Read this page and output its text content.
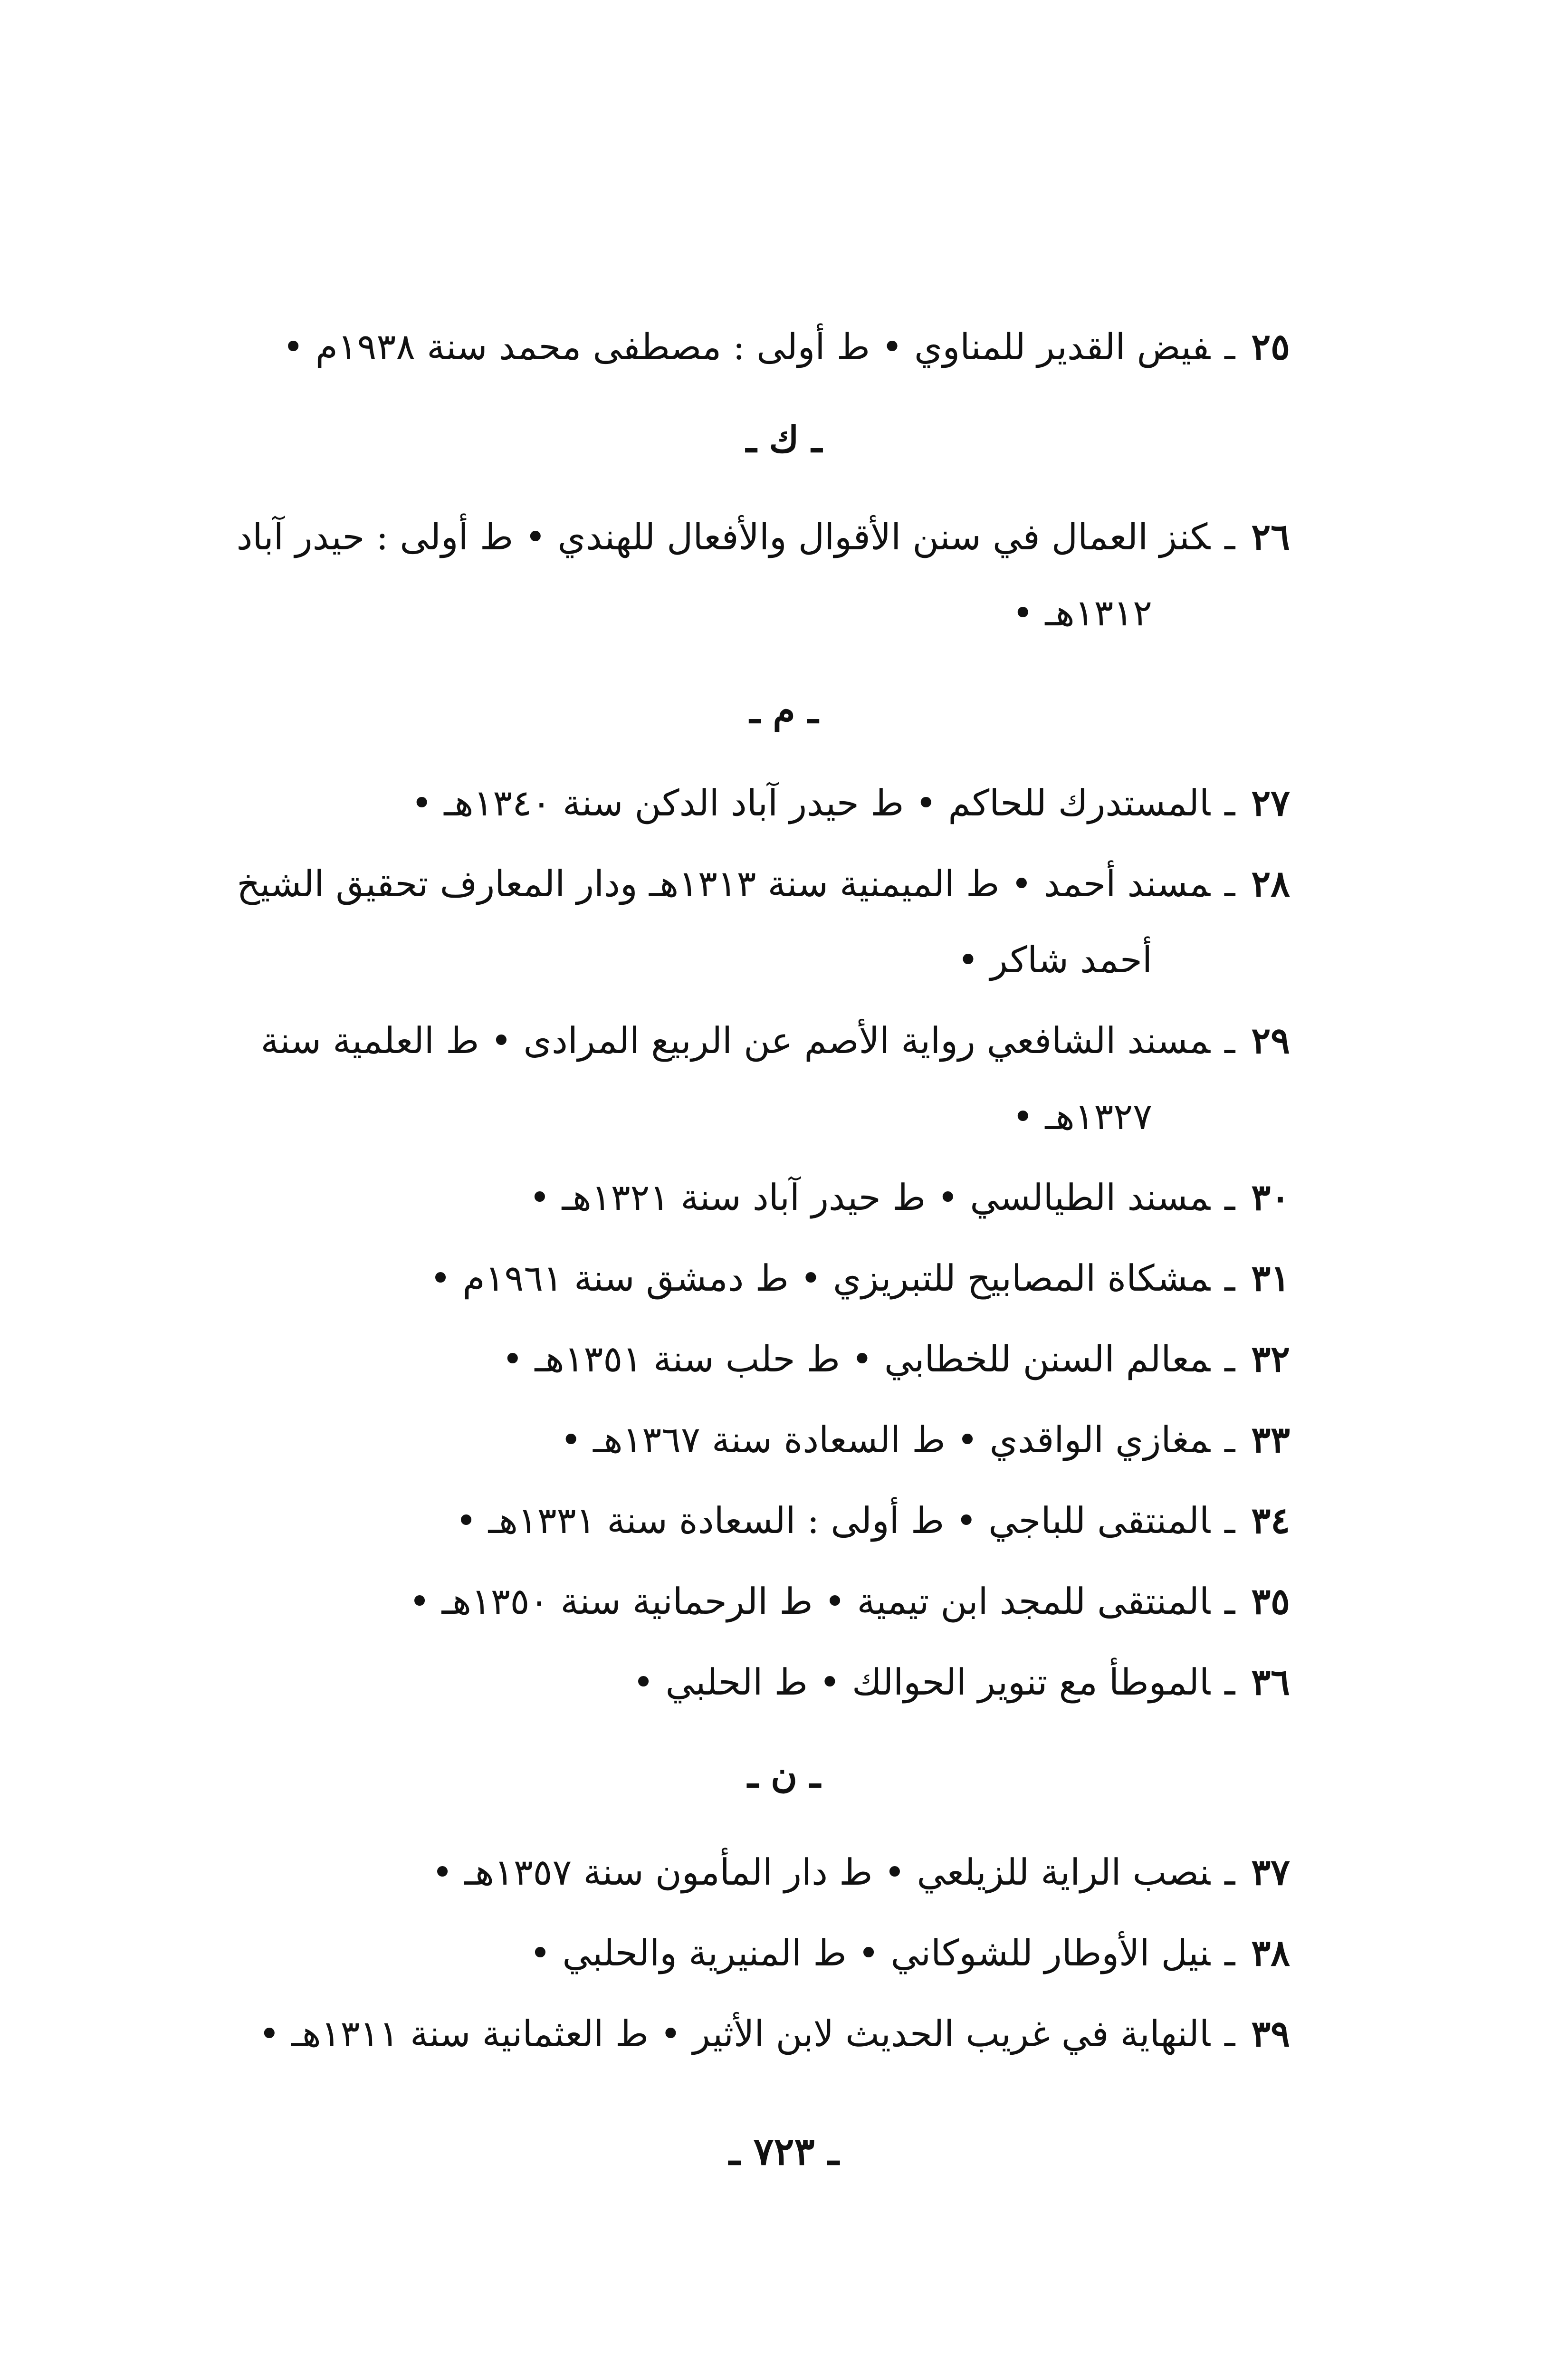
٢٥ـفيض القدير للمناوي • ط أولى : مصطفى محمد سنة ١٩٣٨م •
ـ ك ـ
٢٦ـكنز العمال في سنن الأقوال والأفعال للهندي • ط أولى : حيدر آباد
١٣١٢هـ •
ـ م ـ
٢٧ـالمستدرك للحاكم • ط حيدر آباد الدكن سنة ١٣٤٠هـ •
٢٨ـمسند أحمد • ط الميمنية سنة ١٣١٣هـ ودار المعارف تحقيق الشيخ
أحمد شاكر •
٢٩ـمسند الشافعي رواية الأصم عن الربيع المرادى • ط العلمية سنة
١٣٢٧هـ •
٣٠ـمسند الطيالسي • ط حيدر آباد سنة ١٣٢١هـ •
٣١ـمشكاة المصابيح للتبريزي • ط دمشق سنة ١٩٦١م •
٣٢ـمعالم السنن للخطابي • ط حلب سنة ١٣٥١هـ •
٣٣ـمغازي الواقدي • ط السعادة سنة ١٣٦٧هـ •
٣٤ـالمنتقى للباجي • ط أولى : السعادة سنة ١٣٣١هـ •
٣٥ـالمنتقى للمجد ابن تيمية • ط الرحمانية سنة ١٣٥٠هـ •
٣٦ـالموطأ مع تنوير الحوالك • ط الحلبي •
ـ ن ـ
٣٧ـنصب الراية للزيلعي • ط دار المأمون سنة ١٣٥٧هـ •
٣٨ـنيل الأوطار للشوكاني • ط المنيرية والحلبي •
٣٩ـالنهاية في غريب الحديث لابن الأثير • ط العثمانية سنة ١٣١١هـ •
ـ ٧٢٣ ـ
